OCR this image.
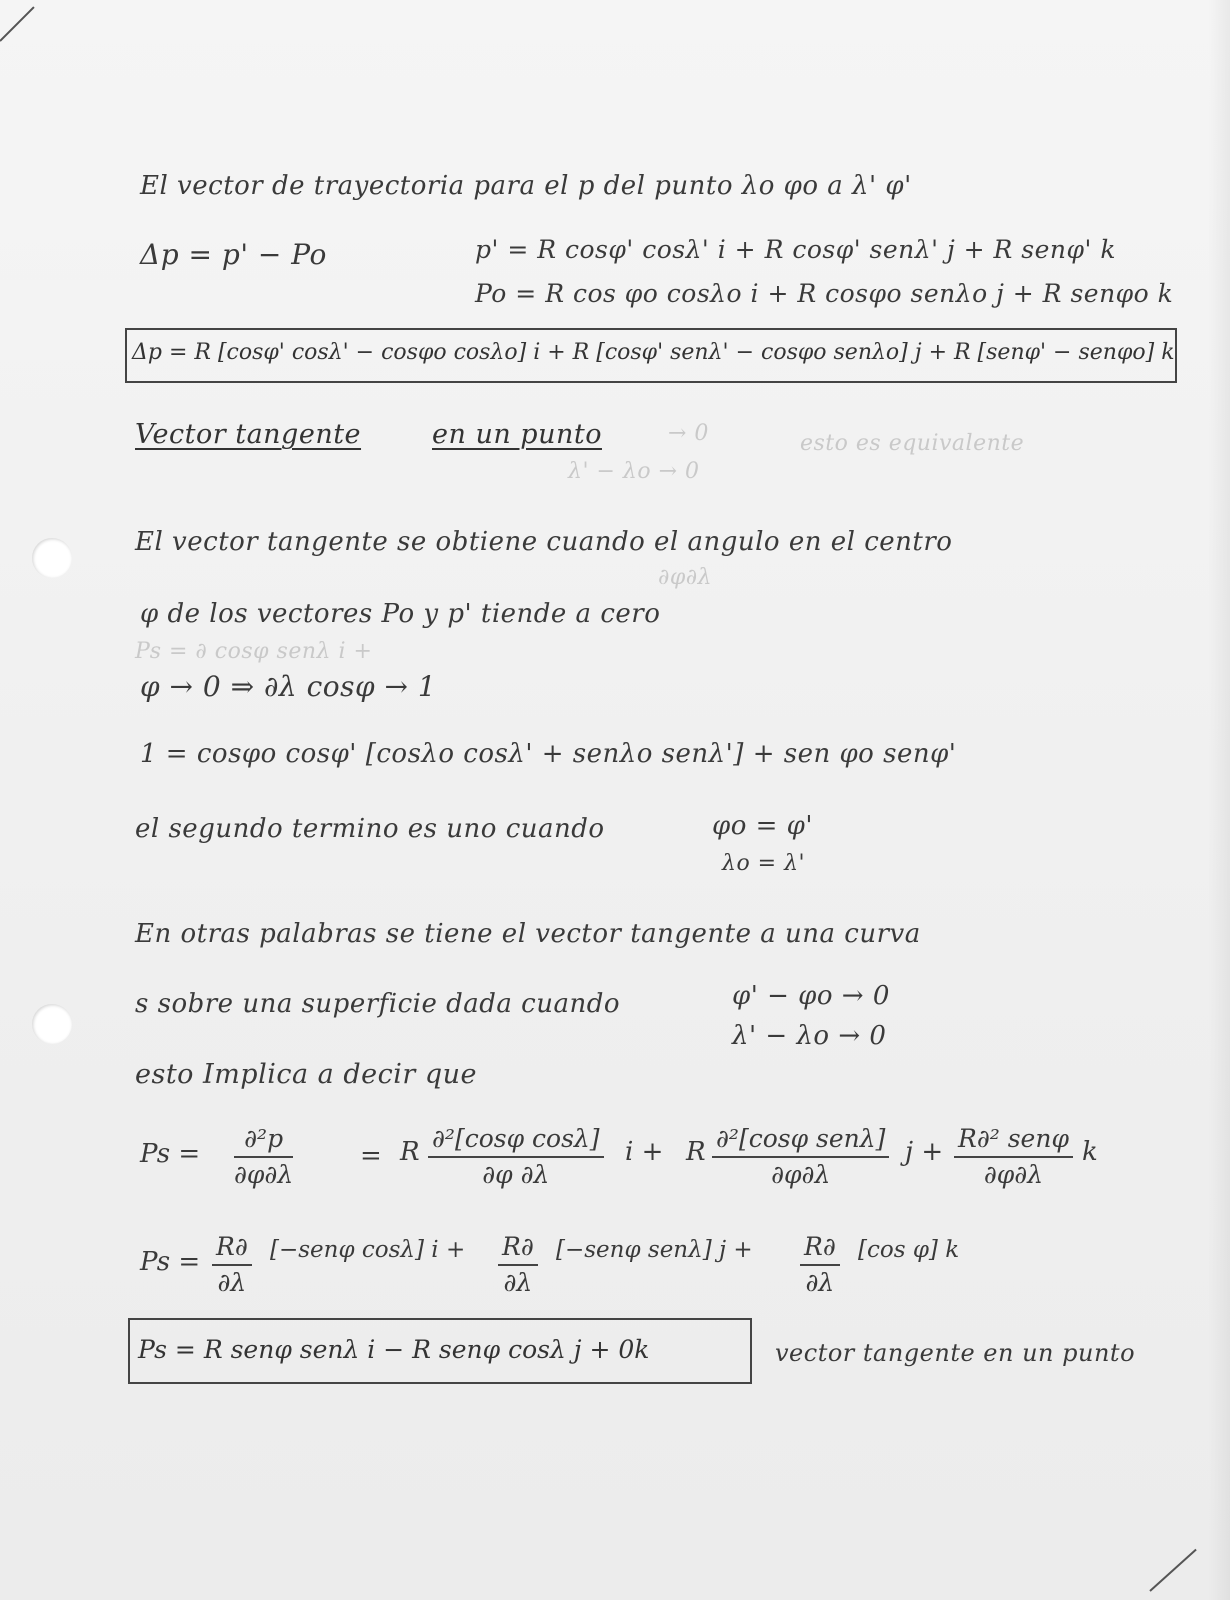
El vector de trayectoria para el p del punto λo φo a λ' φ'
Δp = p' − Po	p' = R cosφ' cosλ' i + R cosφ' senλ' j + R senφ' k
Po = R cos φo cosλo i + R cosφo senλo j + R senφo k
Δp = R [cosφ' cosλ' − cosφo cosλo] i + R [cosφ' senλ' − cosφo senλo] j + R [senφ' − senφo] k
Vector tangente	en un punto	→ 0
λ' − λo → 0
esto es equivalente
El vector tangente se obtiene cuando el angulo en el centro
∂φ∂λ
φ de los vectores Po y p' tiende a cero
Ps = ∂ cosφ senλ i +
φ → 0 ⇒ ∂λ cosφ → 1
1 = cosφo cosφ' [cosλo cosλ' + senλo senλ'] + sen φo senφ'
el segundo termino es uno cuando	φo = φ'
λo = λ'
En otras palabras se tiene el vector tangente a una curva
s sobre una superficie dada cuando	φ' − φo → 0
λ' − λo → 0
esto Implica a decir que
$Ps = \frac{\text{∂²p}}{\partial\varphi\partial\lambda}$	= R $\frac{\text{∂²[cosφ cosλ]}}{\partial\varphi \partial\lambda}$ i + R ∂²[cosφ senλ]
∂φ∂λ
j + R∂² senφ
∂φ∂λ
k
$Ps = \frac{R\partial}{\partial\lambda} [-sen\varphi$ cosλ] $i + \frac{R\partial}{\partial\lambda} [-sen\varphi$ senλ] $j + \frac{R\partial}{\partial\lambda} [\cos$ φ] k
Ps = R senφ senλ i − R senφ cosλ j + 0k	vector tangente en un punto
